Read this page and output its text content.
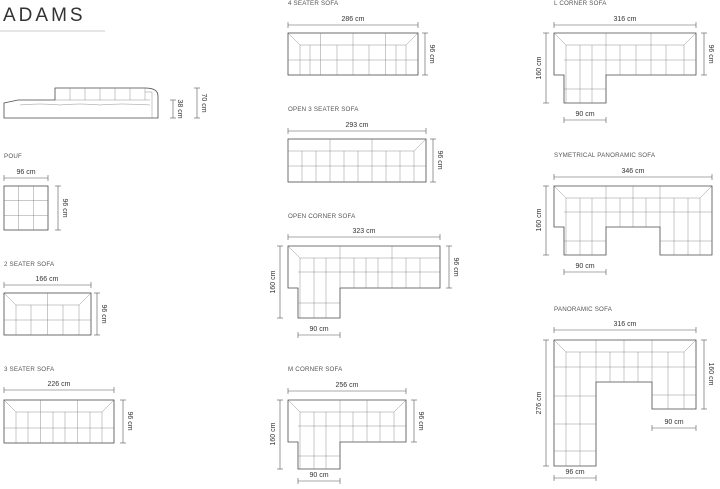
ADAMS
70 cm
38 cm
POUF
96 cm
96 cm
2 SEATER SOFA
166 cm
96 cm
3 SEATER SOFA
226 cm
96 cm
4 SEATER SOFA
286 cm
96 cm
OPEN 3 SEATER SOFA
293 cm
96 cm
OPEN CORNER SOFA
323 cm
96 cm
160 cm
90 cm
M CORNER SOFA
256 cm
96 cm
160 cm
90 cm
L CORNER SOFA
316 cm
96 cm
160 cm
90 cm
SYMETRICAL PANORAMIC SOFA
346 cm
160 cm
90 cm
PANORAMIC SOFA
316 cm
276 cm
160 cm
90 cm
96 cm
